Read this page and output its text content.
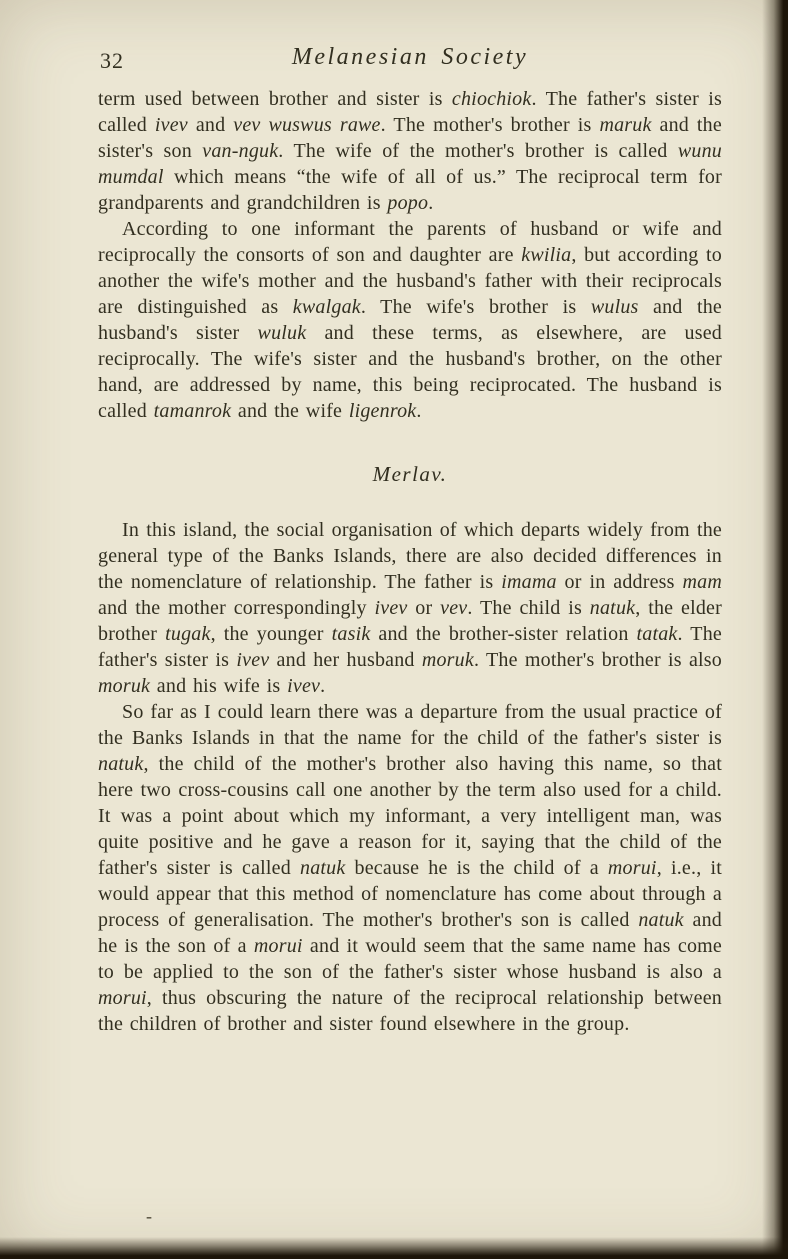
32	Melanesian Society

term used between brother and sister is chiochiok. The father's sister is called ivev and vev wuswus rawe. The mother's brother is maruk and the sister's son van-nguk. The wife of the mother's brother is called wunu mumdal which means “the wife of all of us.” The reciprocal term for grandparents and grandchildren is popo.

According to one informant the parents of husband or wife and reciprocally the consorts of son and daughter are kwilia, but according to another the wife's mother and the husband's father with their reciprocals are distinguished as kwalgak. The wife's brother is wulus and the husband's sister wuluk and these terms, as elsewhere, are used reciprocally. The wife's sister and the husband's brother, on the other hand, are addressed by name, this being reciprocated. The husband is called tamanrok and the wife ligenrok.

Merlav.

In this island, the social organisation of which departs widely from the general type of the Banks Islands, there are also decided differences in the nomenclature of relationship. The father is imama or in address mam and the mother correspondingly ivev or vev. The child is natuk, the elder brother tugak, the younger tasik and the brother-sister relation tatak. The father's sister is ivev and her husband moruk. The mother's brother is also moruk and his wife is ivev.

So far as I could learn there was a departure from the usual practice of the Banks Islands in that the name for the child of the father's sister is natuk, the child of the mother's brother also having this name, so that here two cross-cousins call one another by the term also used for a child. It was a point about which my informant, a very intelligent man, was quite positive and he gave a reason for it, saying that the child of the father's sister is called natuk because he is the child of a morui, i.e., it would appear that this method of nomenclature has come about through a process of generalisation. The mother's brother's son is called natuk and he is the son of a morui and it would seem that the same name has come to be applied to the son of the father's sister whose husband is also a morui, thus obscuring the nature of the reciprocal relationship between the children of brother and sister found elsewhere in the group.

-
